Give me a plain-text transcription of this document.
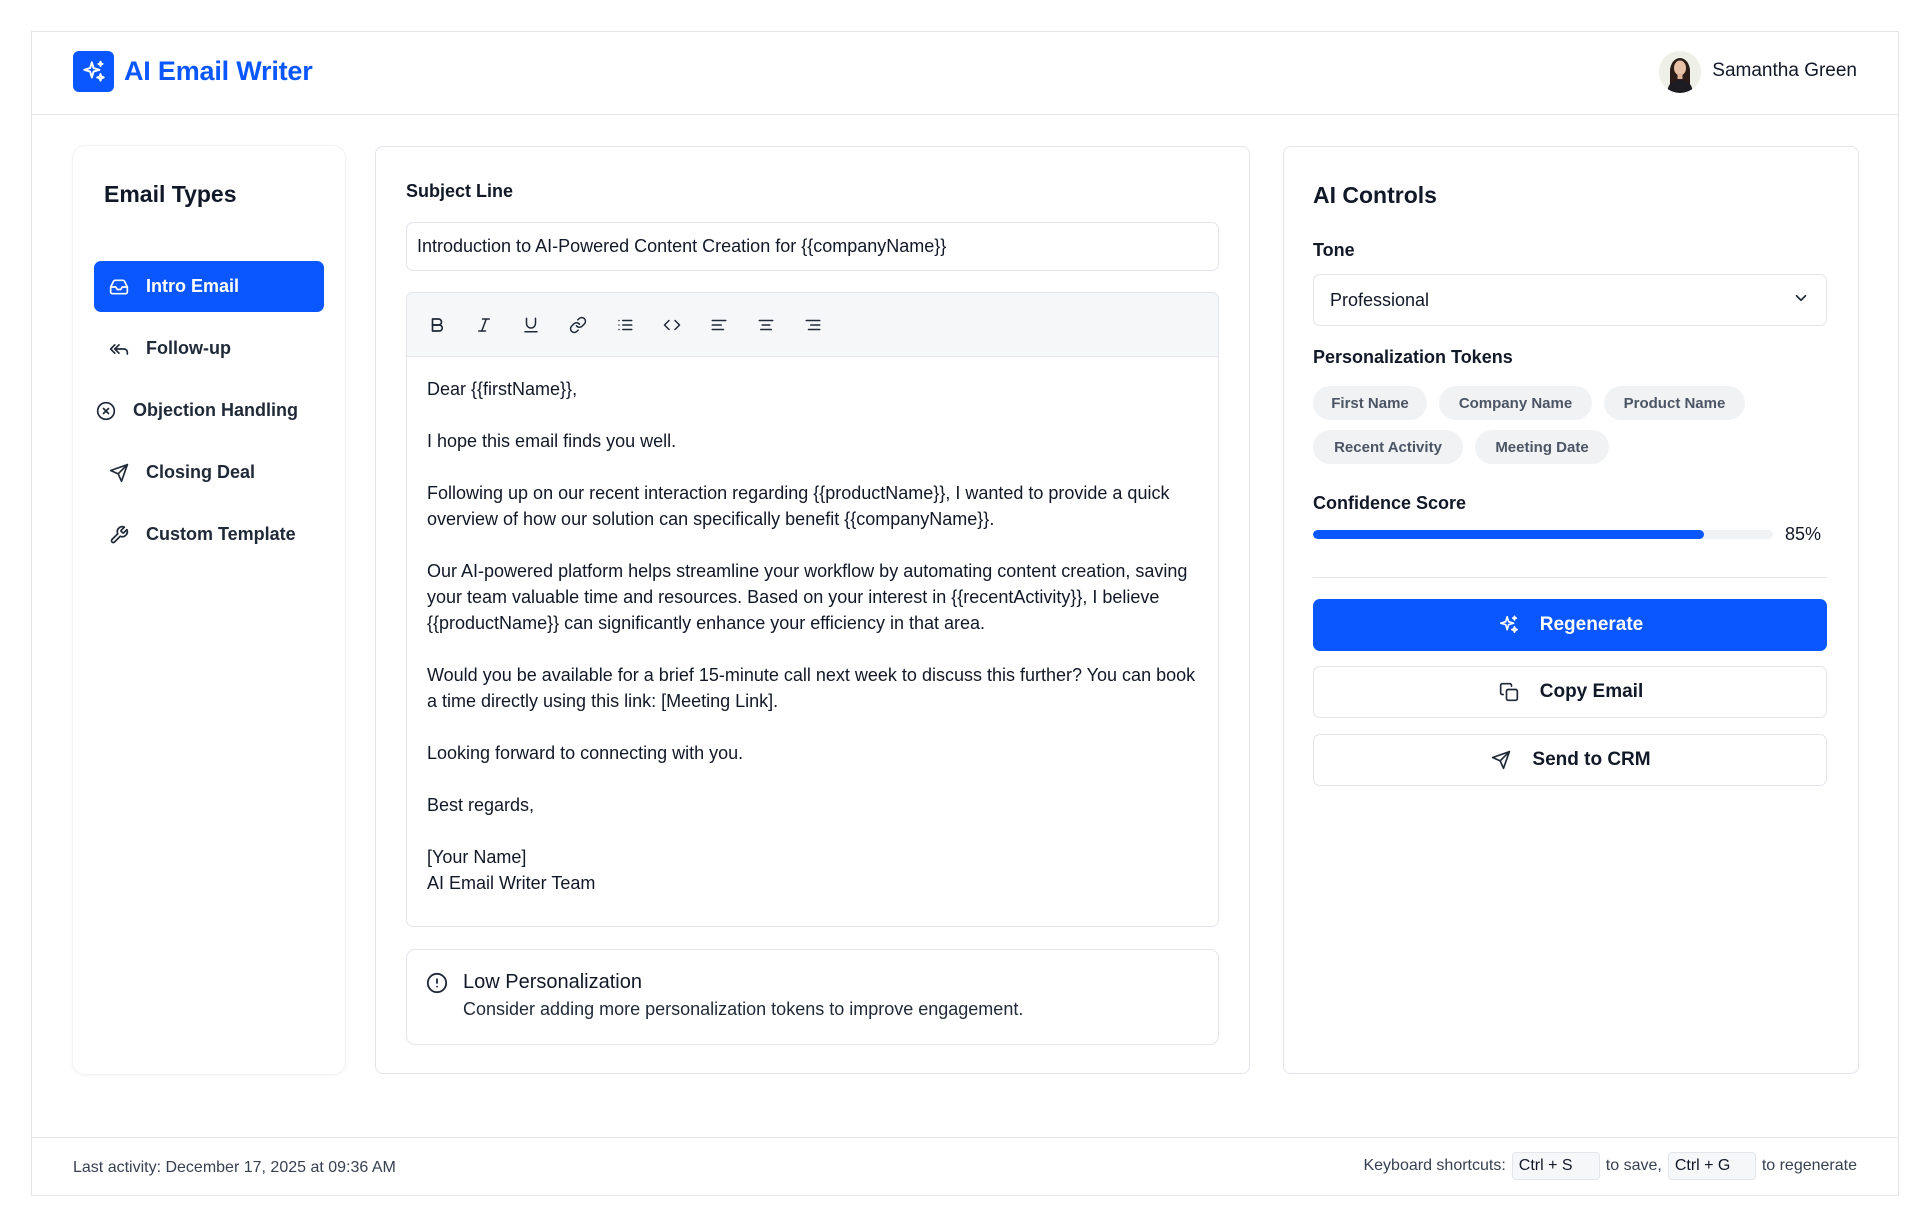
AI Email Writer	Samantha Green
Email Types
Intro Email
Follow-up
Objection Handling
Closing Deal
Custom Template
Subject Line
Introduction to AI-Powered Content Creation for {{companyName}}

Dear {{firstName}},

I hope this email finds you well.

Following up on our recent interaction regarding {{productName}}, I wanted to provide a quick overview of how our solution can specifically benefit {{companyName}}.

Our AI-powered platform helps streamline your workflow by automating content creation, saving your team valuable time and resources. Based on your interest in {{recentActivity}}, I believe {{productName}} can significantly enhance your efficiency in that area.

Would you be available for a brief 15-minute call next week to discuss this further? You can book a time directly using this link: [Meeting Link].

Looking forward to connecting with you.

Best regards,

[Your Name]

AI Email Writer Team

Low Personalization
Consider adding more personalization tokens to improve engagement.
AI Controls
Tone
Professional
Personalization Tokens
First Name	Company Name	Product Name
Recent Activity	Meeting Date
Confidence Score
85%
Regenerate
Copy Email
Send to CRM
Last activity: December 17, 2025 at 09:36 AM	Keyboard shortcuts: Ctrl + S	to save, Ctrl + G	to regenerate
